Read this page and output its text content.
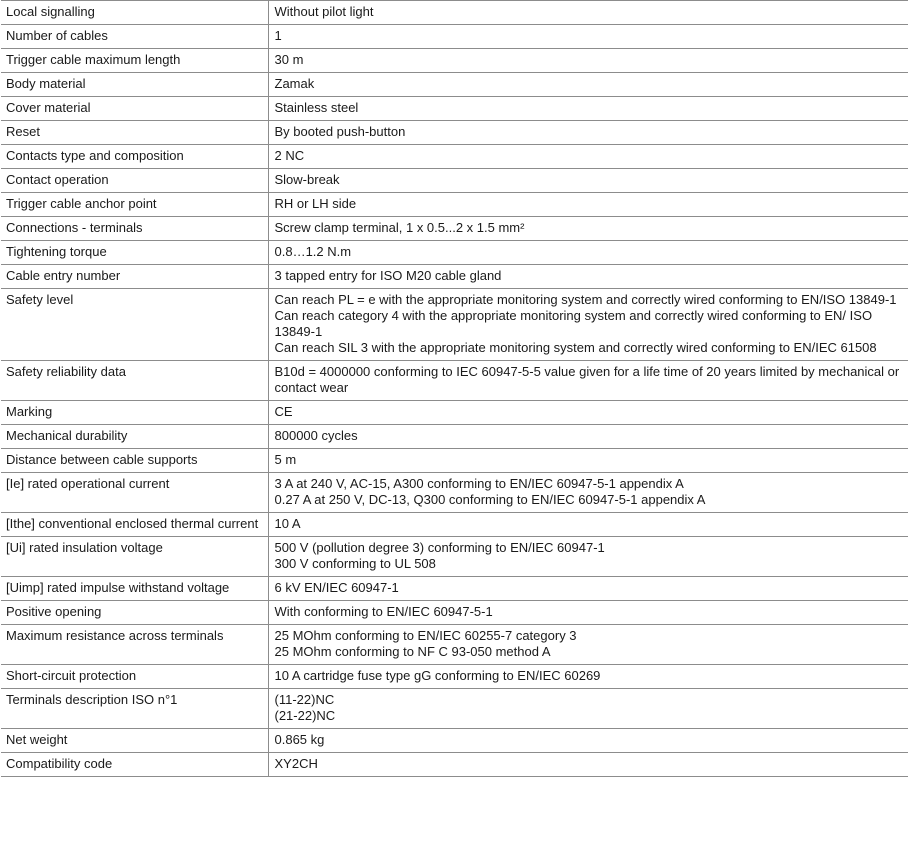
Local signalling	Without pilot light

Number of cables	1

Trigger cable maximum length	30 m

Body material	Zamak

Cover material	Stainless steel

Reset	By booted push-button

Contacts type and composition	2 NC

Contact operation	Slow-break

Trigger cable anchor point	RH or LH side

Connections - terminals	Screw clamp terminal, 1 x 0.5...2 x 1.5 mm²

Tightening torque	0.8…1.2 N.m

Cable entry number	3 tapped entry for ISO M20 cable gland

Safety level	Can reach PL = e with the appropriate monitoring system and correctly wired conforming to EN/ISO 13849-1
Can reach category 4 with the appropriate monitoring system and correctly wired conforming to EN/ ISO 13849-1
Can reach SIL 3 with the appropriate monitoring system and correctly wired conforming to EN/IEC 61508

Safety reliability data	B10d = 4000000 conforming to IEC 60947-5-5 value given for a life time of 20 years limited by mechanical or contact wear

Marking	CE

Mechanical durability	800000 cycles

Distance between cable supports	5 m

[Ie] rated operational current	3 A at 240 V, AC-15, A300 conforming to EN/IEC 60947-5-1 appendix A
0.27 A at 250 V, DC-13, Q300 conforming to EN/IEC 60947-5-1 appendix A

[Ithe] conventional enclosed thermal current	10 A

[Ui] rated insulation voltage	500 V (pollution degree 3) conforming to EN/IEC 60947-1
300 V conforming to UL 508

[Uimp] rated impulse withstand voltage	6 kV EN/IEC 60947-1

Positive opening	With conforming to EN/IEC 60947-5-1

Maximum resistance across terminals	25 MOhm conforming to EN/IEC 60255-7 category 3
25 MOhm conforming to NF C 93-050 method A

Short-circuit protection	10 A cartridge fuse type gG conforming to EN/IEC 60269

Terminals description ISO n°1	(11-22)NC
(21-22)NC

Net weight	0.865 kg

Compatibility code	XY2CH
